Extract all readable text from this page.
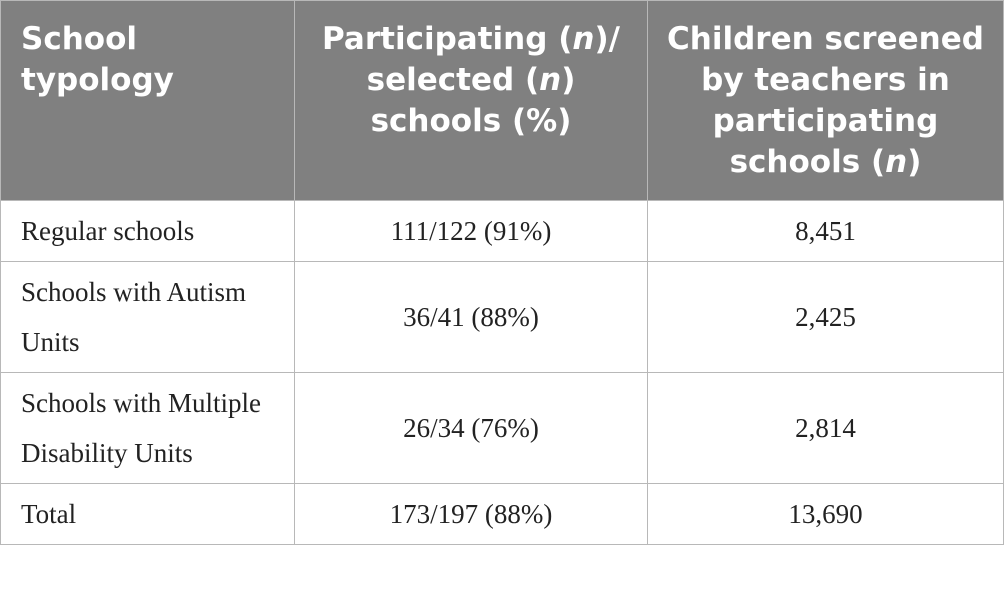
School typology	Participating (n)/ selected (n) schools (%)	Children screened by teachers in participating schools (n)
Regular schools	111/122 (91%)	8,451
Schools with Autism Units	36/41 (88%)	2,425
Schools with Multiple Disability Units	26/34 (76%)	2,814
Total	173/197 (88%)	13,690
